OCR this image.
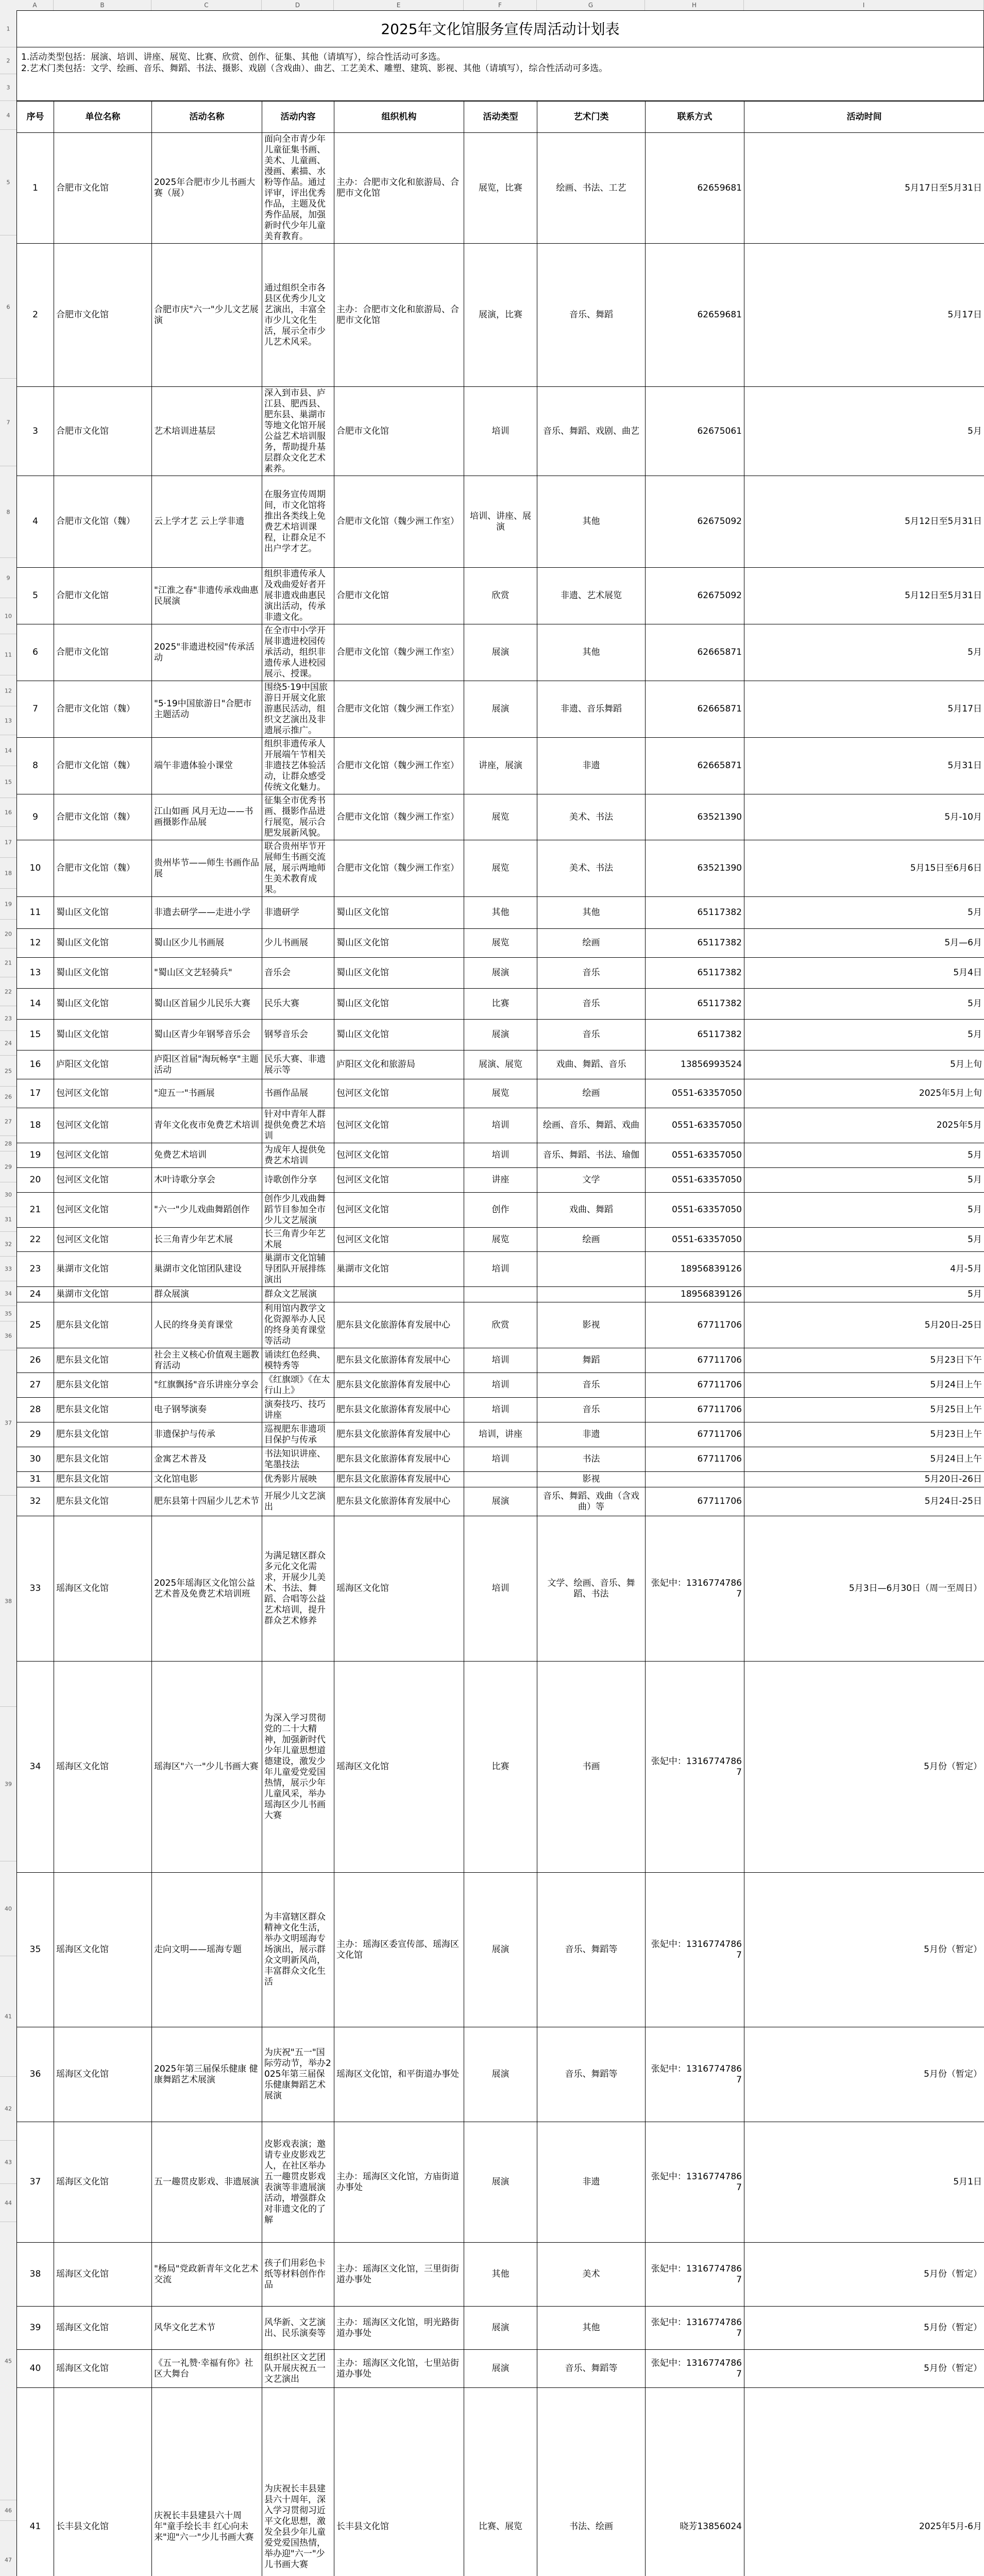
A	B	C	D	E	F	G	H	I
1
2
3
4
5
6
7
8
9
10
11
12
13
14
15
16
17
18
19
20
21
22
23
24
25
26
27
28
29
30
31
32
33
34
35
36
37
38
39
40
41
42
43
44
45
46
47
2025年文化馆服务宣传周活动计划表
1.活动类型包括：展演、培训、讲座、展览、比赛、欣赏、创作、征集、其他（请填写），综合性活动可多选。
2.艺术门类包括：文学、绘画、音乐、舞蹈、书法、摄影、戏剧（含戏曲）、曲艺、工艺美术、雕塑、建筑、影视、其他（请填写），综合性活动可多选。
序号	单位名称	活动名称	活动内容	组织机构	活动类型	艺术门类	联系方式	活动时间
1	合肥市文化馆	2025年合肥市少儿书画大赛（展）	面向全市青少年儿童征集书画、美术、儿童画、漫画、素描、水粉等作品。通过评审，评出优秀作品，主题及优秀作品展，加强新时代少年儿童美育教育。	主办：合肥市文化和旅游局、合肥市文化馆	展览，比赛	绘画、书法、工艺	62659681	5月17日至5月31日
2	合肥市文化馆	合肥市庆"六一"少儿文艺展演	通过组织全市各县区优秀少儿文艺演出，丰富全市少儿文化生活，展示全市少儿艺术风采。	主办：合肥市文化和旅游局、合肥市文化馆	展演，比赛	音乐、舞蹈	62659681	5月17日
3	合肥市文化馆	艺术培训进基层	深入到市县、庐江县、肥西县、肥东县、巢湖市等地文化馆开展公益艺术培训服务，帮助提升基层群众文化艺术素养。	合肥市文化馆	培训	音乐、舞蹈、戏剧、曲艺	62675061	5月
4	合肥市文化馆（魏）	云上学才艺 云上学非遗	在服务宣传周期间，市文化馆将推出各类线上免费艺术培训课程，让群众足不出户学才艺。	合肥市文化馆（魏少洲工作室）	培训、讲座、展演	其他	62675092	5月12日至5月31日
5	合肥市文化馆	"江淮之春"非遗传承戏曲惠民展演	组织非遗传承人及戏曲爱好者开展非遗戏曲惠民演出活动，传承非遗文化。	合肥市文化馆	欣赏	非遗、艺术展览	62675092	5月12日至5月31日
6	合肥市文化馆	2025"非遗进校园"传承活动	在全市中小学开展非遗进校园传承活动，组织非遗传承人进校园展示、授课。	合肥市文化馆（魏少洲工作室）	展演	其他	62665871	5月
7	合肥市文化馆（魏）	"5·19中国旅游日"合肥市主题活动	围绕5·19中国旅游日开展文化旅游惠民活动，组织文艺演出及非遗展示推广。	合肥市文化馆（魏少洲工作室）	展演	非遗、音乐舞蹈	62665871	5月17日
8	合肥市文化馆（魏）	端午非遗体验小课堂	组织非遗传承人开展端午节相关非遗技艺体验活动，让群众感受传统文化魅力。	合肥市文化馆（魏少洲工作室）	讲座，展演	非遗	62665871	5月31日
9	合肥市文化馆（魏）	江山如画 风月无边——书画摄影作品展	征集全市优秀书画、摄影作品进行展览，展示合肥发展新风貌。	合肥市文化馆（魏少洲工作室）	展览	美术、书法	63521390	5月-10月
10	合肥市文化馆（魏）	贵州毕节——师生书画作品展	联合贵州毕节开展师生书画交流展，展示两地师生美术教育成果。	合肥市文化馆（魏少洲工作室）	展览	美术、书法	63521390	5月15日至6月6日
11	蜀山区文化馆	非遗去研学——走进小学	非遗研学	蜀山区文化馆	其他	其他	65117382	5月
12	蜀山区文化馆	蜀山区少儿书画展	少儿书画展	蜀山区文化馆	展览	绘画	65117382	5月—6月
13	蜀山区文化馆	"蜀山区文艺轻骑兵"	音乐会	蜀山区文化馆	展演	音乐	65117382	5月4日
14	蜀山区文化馆	蜀山区首届少儿民乐大赛	民乐大赛	蜀山区文化馆	比赛	音乐	65117382	5月
15	蜀山区文化馆	蜀山区青少年钢琴音乐会	钢琴音乐会	蜀山区文化馆	展演	音乐	65117382	5月
16	庐阳区文化馆	庐阳区首届"淘玩畅享"主题活动	民乐大赛、非遗展示等	庐阳区文化和旅游局	展演、展览	戏曲、舞蹈、音乐	13856993524	5月上旬
17	包河区文化馆	"迎五一"书画展	书画作品展	包河区文化馆	展览	绘画	0551-63357050	2025年5月上旬
18	包河区文化馆	青年文化夜市免费艺术培训	针对中青年人群提供免费艺术培训	包河区文化馆	培训	绘画、音乐、舞蹈、戏曲	0551-63357050	2025年5月
19	包河区文化馆	免费艺术培训	为成年人提供免费艺术培训	包河区文化馆	培训	音乐、舞蹈、书法、瑜伽	0551-63357050	5月
20	包河区文化馆	木叶诗歌分享会	诗歌创作分享	包河区文化馆	讲座	文学	0551-63357050	5月
21	包河区文化馆	"六一"少儿戏曲舞蹈创作	创作少儿戏曲舞蹈节目参加全市少儿文艺展演	包河区文化馆	创作	戏曲、舞蹈	0551-63357050	5月
22	包河区文化馆	长三角青少年艺术展	长三角青少年艺术展	包河区文化馆	展览	绘画	0551-63357050	5月
23	巢湖市文化馆	巢湖市文化馆团队建设	巢湖市文化馆辅导团队开展排练演出	巢湖市文化馆	培训		18956839126	4月-5月
24	巢湖市文化馆	群众展演	群众文艺展演				18956839126	5月
25	肥东县文化馆	人民的终身美育课堂	利用馆内教学文化资源举办人民的终身美育课堂等活动	肥东县文化旅游体育发展中心	欣赏	影视	67711706	5月20日-25日
26	肥东县文化馆	社会主义核心价值观主题教育活动	诵读红色经典、模特秀等	肥东县文化旅游体育发展中心	培训	舞蹈	67711706	5月23日下午
27	肥东县文化馆	"红旗飘扬"音乐讲座分享会	《红旗颂》《在太行山上》	肥东县文化旅游体育发展中心	培训	音乐	67711706	5月24日上午
28	肥东县文化馆	电子钢琴演奏	演奏技巧、技巧讲座	肥东县文化旅游体育发展中心	培训	音乐	67711706	5月25日上午
29	肥东县文化馆	非遗保护与传承	巡视肥东非遗项目保护与传承	肥东县文化旅游体育发展中心	培训，讲座	非遗	67711706	5月23日上午
30	肥东县文化馆	金寓艺术普及	书法知识讲座、笔墨技法	肥东县文化旅游体育发展中心	培训	书法	67711706	5月24日上午
31	肥东县文化馆	文化馆电影	优秀影片展映	肥东县文化旅游体育发展中心		影视		5月20日-26日
32	肥东县文化馆	肥东县第十四届少儿艺术节	开展少儿文艺演出	肥东县文化旅游体育发展中心	展演	音乐、舞蹈、戏曲（含戏曲）等	67711706	5月24日-25日
33	瑶海区文化馆	2025年瑶海区文化馆公益艺术普及免费艺术培训班	为满足辖区群众多元化文化需求，开展少儿美术、书法、舞蹈、合唱等公益艺术培训，提升群众艺术修养	瑶海区文化馆	培训	文学、绘画、音乐、舞蹈、书法	张妃中：13167747867	5月3日—6月30日（周一至周日）
34	瑶海区文化馆	瑶海区"六一"少儿书画大赛	为深入学习贯彻党的二十大精神，加强新时代少年儿童思想道德建设，激发少年儿童爱党爱国热情，展示少年儿童风采，举办瑶海区少儿书画大赛	瑶海区文化馆	比赛	书画	张妃中：13167747867	5月份（暂定）
35	瑶海区文化馆	走向文明——瑶海专题	为丰富辖区群众精神文化生活，举办文明瑶海专场演出，展示群众文明新风尚，丰富群众文化生活	主办：瑶海区委宣传部、瑶海区文化馆	展演	音乐、舞蹈等	张妃中：13167747867	5月份（暂定）
36	瑶海区文化馆	2025年第三届保乐健康 健康舞蹈艺术展演	为庆祝"五一"国际劳动节，举办2025年第三届保乐健康舞蹈艺术展演	瑶海区文化馆，和平街道办事处	展演	音乐、舞蹈等	张妃中：13167747867	5月份（暂定）
37	瑶海区文化馆	五一趣贯皮影戏、非遗展演	皮影戏表演；邀请专业皮影戏艺人，在社区举办五一趣贯皮影戏表演等非遗展演活动，增强群众对非遗文化的了解	主办：瑶海区文化馆，方庙街道办事处	展演	非遗	张妃中：13167747867	5月1日
38	瑶海区文化馆	"杨局"党政新青年文化艺术交流	孩子们用彩色卡纸等材料创作作品	主办：瑶海区文化馆，三里街街道办事处	其他	美术	张妃中：13167747867	5月份（暂定）
39	瑶海区文化馆	风华文化艺术节	风华新、文艺演出、民乐演奏等	主办：瑶海区文化馆，明光路街道办事处	展演	其他	张妃中：13167747867	5月份（暂定）
40	瑶海区文化馆	《五一礼赞·幸福有你》社区大舞台	组织社区文艺团队开展庆祝五一文艺演出	主办：瑶海区文化馆，七里站街道办事处	展演	音乐、舞蹈等	张妃中：13167747867	5月份（暂定）
41	长丰县文化馆	庆祝长丰县建县六十周年"童手绘长丰 红心向未来"迎"六一"少儿书画大赛	为庆祝长丰县建县六十周年，深入学习贯彻习近平文化思想，激发全县少年儿童爱党爱国热情，举办迎"六一"少儿书画大赛	长丰县文化馆	比赛、展览	书法、绘画	晓芳13856024	2025年5月-6月
